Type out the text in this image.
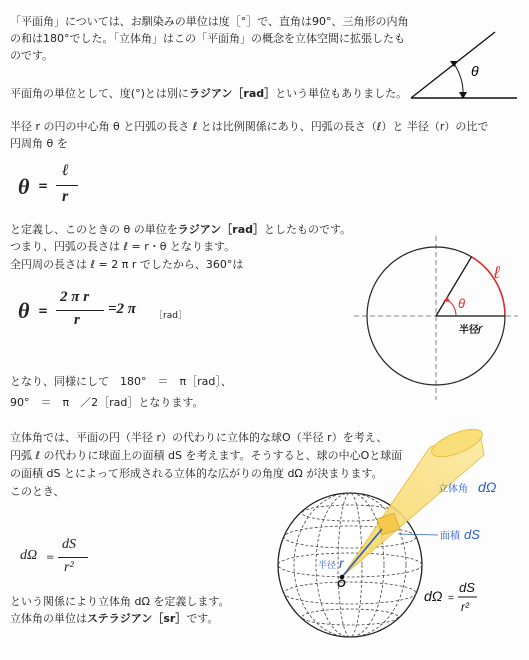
「平面角」については、お馴染みの単位は度［°］で、直角は90°、三角形の内角
の和は180°でした。「立体角」はこの「平面角」の概念を立体空間に拡張したも
のです。
θ
平面角の単位として、度(°)とは別にラジアン［rad］という単位もありました。
半径 r の円の中心角 θ と円弧の長さ ℓ とは比例関係にあり、円弧の長さ（ℓ）と 半径（r）の比で
円周角 θ を
θ =
ℓ
r
と定義し、このときの θ の単位をラジアン［rad］としたものです。
つまり、円弧の長さは ℓ = r・θ となります。
全円周の長さは ℓ = 2 π r でしたから、360°は	ℓ
θ
半径 r
θ =
2 π r
r
=2 π ［rad］
となり、同様にして　180°　＝　π［rad］、
90°　＝　π　／2［rad］となります。
立体角では、平面の円（半径 r）の代わりに立体的な球O（半径 r）を考え、
円弧 ℓ の代わりに球面上の面積 dS を考えます。そうすると、球の中心Oと球面
の面積 dS とによって形成される立体的な広がりの角度 dΩ が決まります。
このとき、
dΩ =
dS
r²
立体角 dΩ
面積 dS
半径 r
O
dΩ =
dS
r²
という関係により立体角 dΩ を定義します。
立体角の単位はステラジアン［sr］です。
